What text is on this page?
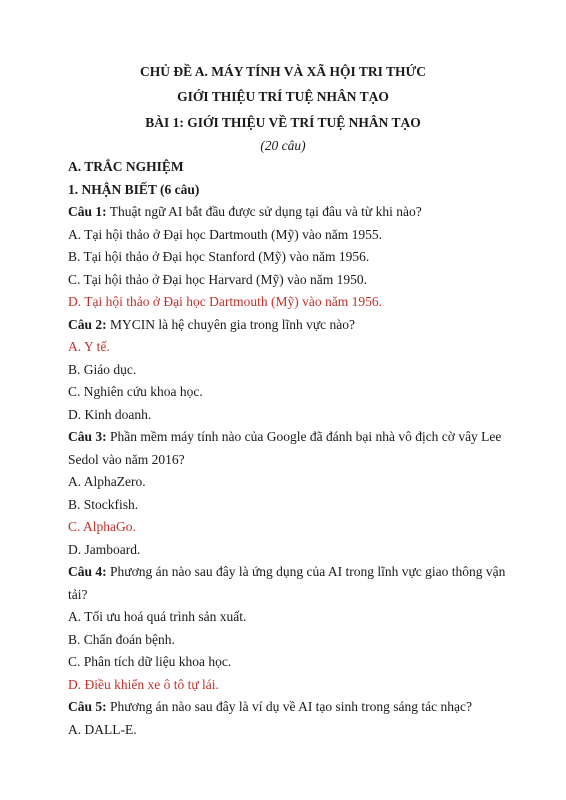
CHỦ ĐỀ A. MÁY TÍNH VÀ XÃ HỘI TRI THỨC
GIỚI THIỆU TRÍ TUỆ NHÂN TẠO
BÀI 1: GIỚI THIỆU VỀ TRÍ TUỆ NHÂN TẠO
(20 câu)
A. TRẮC NGHIỆM
1. NHẬN BIẾT (6 câu)
Câu 1: Thuật ngữ AI bắt đầu được sử dụng tại đâu và từ khi nào?
A. Tại hội thảo ở Đại học Dartmouth (Mỹ) vào năm 1955.
B. Tại hội thảo ở Đại học Stanford (Mỹ) vào năm 1956.
C. Tại hội thảo ở Đại học Harvard (Mỹ) vào năm 1950.
D. Tại hội thảo ở Đại học Dartmouth (Mỹ) vào năm 1956.
Câu 2: MYCIN là hệ chuyên gia trong lĩnh vực nào?
A. Y tế.
B. Giáo dục.
C. Nghiên cứu khoa học.
D. Kinh doanh.
Câu 3: Phần mềm máy tính nào của Google đã đánh bại nhà vô địch cờ vây Lee
Sedol vào năm 2016?
A. AlphaZero.
B. Stockfish.
C. AlphaGo.
D. Jamboard.
Câu 4: Phương án nào sau đây là ứng dụng của AI trong lĩnh vực giao thông vận
tải?
A. Tối ưu hoá quá trình sản xuất.
B. Chẩn đoán bệnh.
C. Phân tích dữ liệu khoa học.
D. Điều khiển xe ô tô tự lái.
Câu 5: Phương án nào sau đây là ví dụ về AI tạo sinh trong sáng tác nhạc?
A. DALL-E.
